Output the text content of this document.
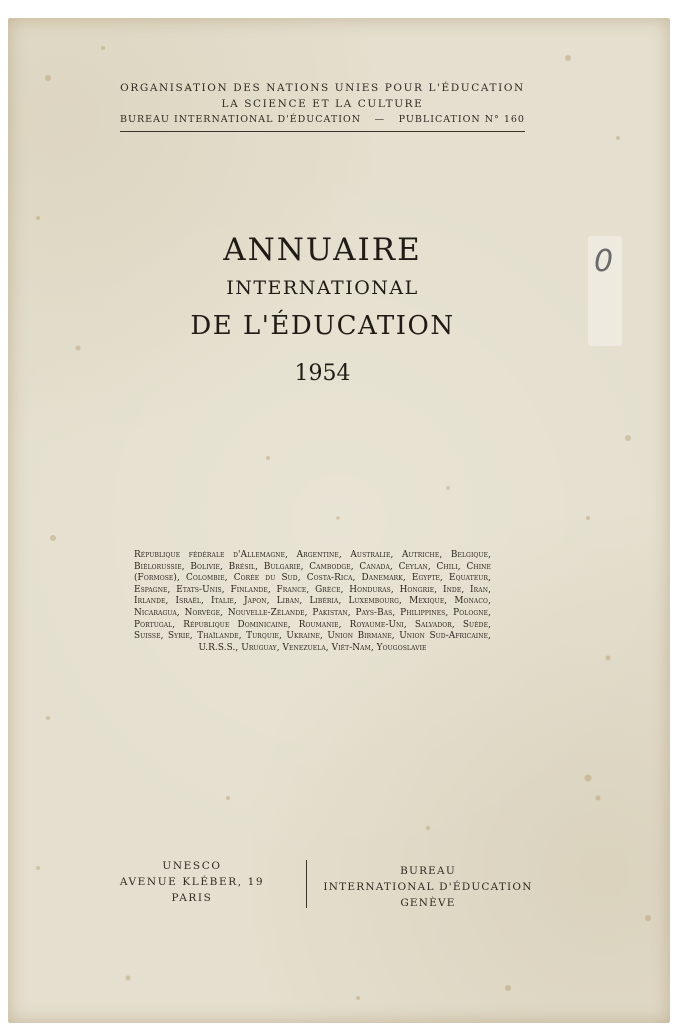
ORGANISATION DES NATIONS UNIES POUR L'ÉDUCATION
LA SCIENCE ET LA CULTURE
BUREAU INTERNATIONAL D'ÉDUCATION — PUBLICATION N° 160
ANNUAIRE
INTERNATIONAL
DE L'ÉDUCATION
1954
0
République fédérale d'Allemagne, Argentine, Australie, Autriche, Belgique, Biélorussie, Bolivie, Brésil, Bulgarie, Cambodge, Canada, Ceylan, Chili, Chine (Formose), Colombie, Corée du Sud, Costa-Rica, Danemark, Egypte, Equateur, Espagne, Etats-Unis, Finlande, France, Grèce, Honduras, Hongrie, Inde, Iran, Irlande, Israël, Italie, Japon, Liban, Libéria, Luxembourg, Mexique, Monaco, Nicaragua, Norvège, Nouvelle-Zélande, Pakistan, Pays-Bas, Philippines, Pologne, Portugal, République Dominicaine, Roumanie, Royaume-Uni, Salvador, Suède, Suisse, Syrie, Thaïlande, Turquie, Ukraine, Union Birmane, Union Sud-Africaine, U.R.S.S., Uruguay, Venezuela, Viêt-Nam, Yougoslavie
UNESCO
AVENUE KLÉBER, 19
PARIS
BUREAU
INTERNATIONAL D'ÉDUCATION
GENÈVE
